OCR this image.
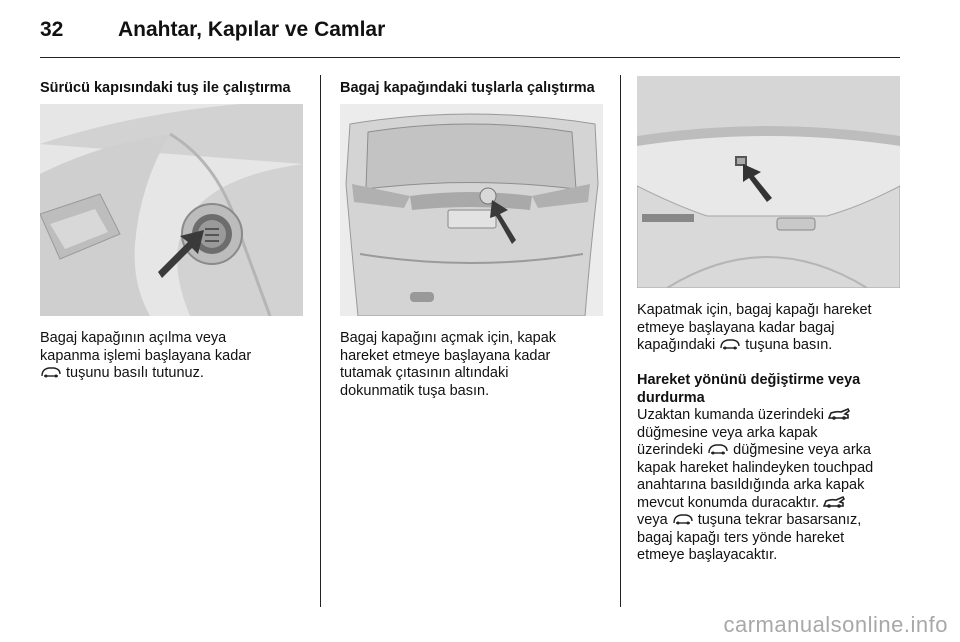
32	Anahtar, Kapılar ve Camlar
Sürücü kapısındaki tuş ile çalıştırma

Bagaj kapağının açılma veya
kapanma işlemi başlayana kadar

tuşunu basılı tutunuz.

Bagaj kapağındaki tuşlarla çalıştırma

Bagaj kapağını açmak için, kapak
hareket etmeye başlayana kadar
tutamak çıtasının altındaki
dokunmatik tuşa basın.

Kapatmak için, bagaj kapağı hareket
etmeye başlayana kadar bagaj
kapağındaki
tuşuna basın.

Hareket yönünü değiştirme veya
durdurma

Uzaktan kumanda üzerindeki

düğmesine veya arka kapak
üzerindeki
düğmesine veya arka
kapak hareket halindeyken touchpad
anahtarına basıldığında arka kapak
mevcut konumda duracaktır.

veya
tuşuna tekrar basarsanız,
bagaj kapağı ters yönde hareket
etmeye başlayacaktır.

carmanualsonline.info
